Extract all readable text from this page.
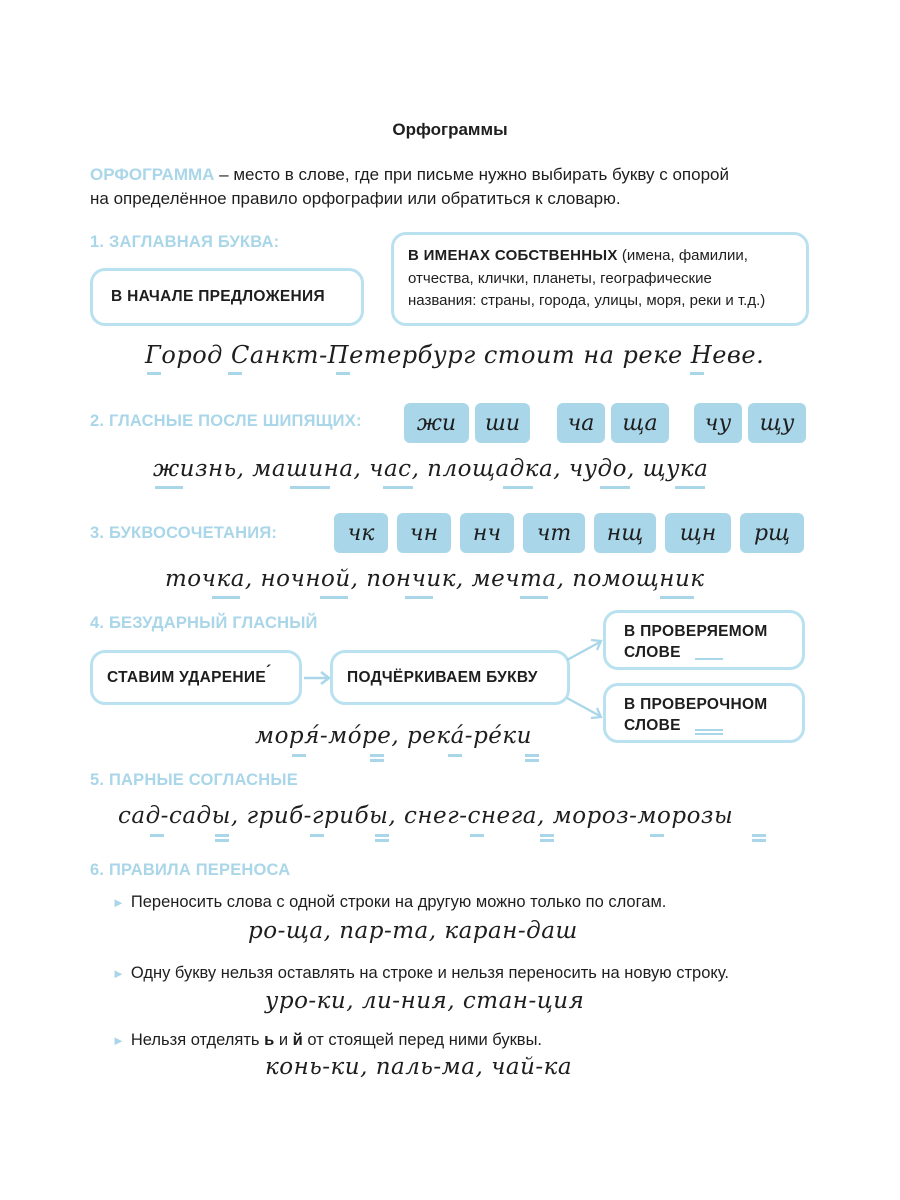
Орфограммы
ОРФОГРАММА – место в слове, где при письме нужно выбирать букву с опорой
на определённое правило орфографии или обратиться к словарю.
1. ЗАГЛАВНАЯ БУКВА:
В НАЧАЛЕ ПРЕДЛОЖЕНИЯ
В ИМЕНАХ СОБСТВЕННЫХ (имена, фамилии,
отчества, клички, планеты, географические
названия: страны, города, улицы, моря, реки и т.д.)
Город Санкт-Петербург стоит на реке Неве.
2. ГЛАСНЫЕ ПОСЛЕ ШИПЯЩИХ:	жи	ши	ча	ща	чу	щу
жизнь, машина, час, площадка, чудо, щука
3. БУКВОСОЧЕТАНИЯ:	чк	чн	нч	чт	нщ	щн	рщ
точка, ночной, пончик, мечта, помощник
4. БЕЗУДАРНЫЙ ГЛАСНЫЙ
СТАВИМ УДАРЕНИЕ ´	ПОДЧЁРКИВАЕМ БУКВУ
В ПРОВЕРЯЕМОМ
СЛОВЕ
В ПРОВЕРОЧНОМ
СЛОВЕ
моря́-мо́ре, река́-ре́ки
5. ПАРНЫЕ СОГЛАСНЫЕ
сад-сады, гриб-грибы, снег-снега, мороз-морозы
6. ПРАВИЛА ПЕРЕНОСА
► Переносить слова с одной строки на другую можно только по слогам.
ро-ща, пар-та, каран-даш
► Одну букву нельзя оставлять на строке и нельзя переносить на новую строку.
уро-ки, ли-ния, стан-ция
► Нельзя отделять ь и й от стоящей перед ними буквы.
конь-ки, паль-ма, чай-ка
